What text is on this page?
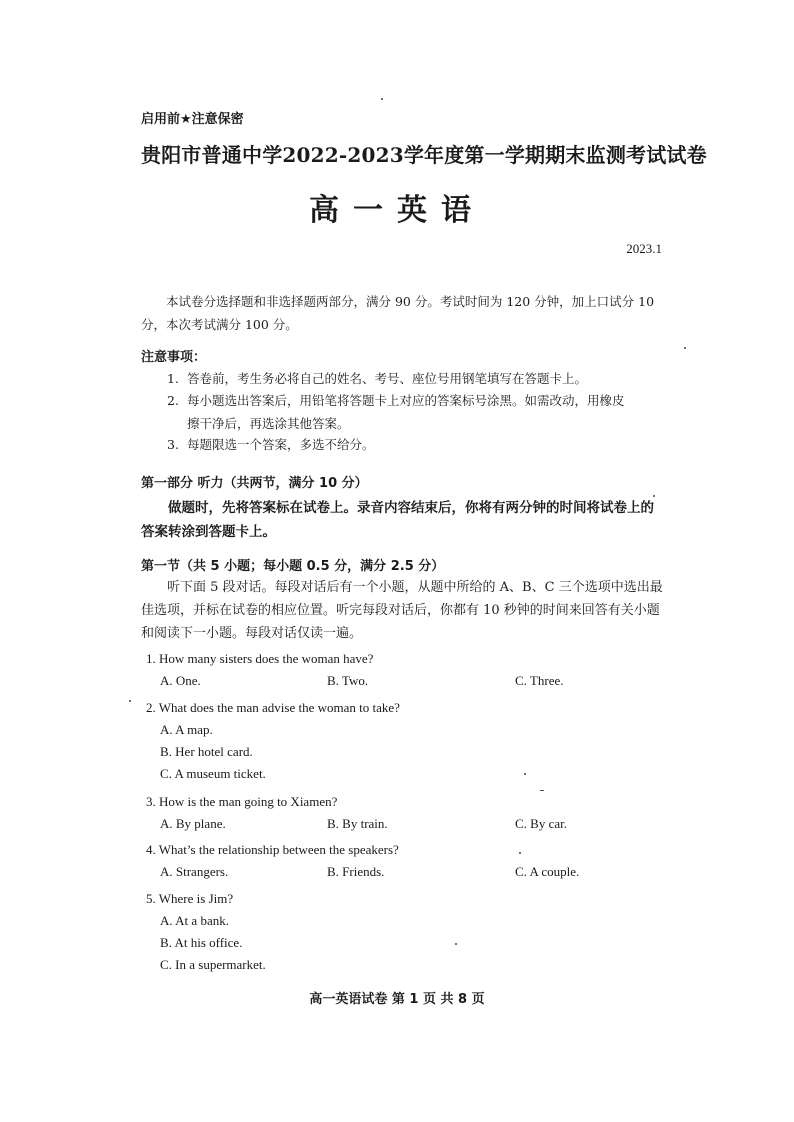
启用前★注意保密
贵阳市普通中学2022-2023学年度第一学期期末监测考试试卷
高一英语
2023.1
本试卷分选择题和非选择题两部分，满分 90 分。考试时间为 120 分钟，加上口试分 10 分，本次考试满分 100 分。
注意事项：
1. 答卷前，考生务必将自己的姓名、考号、座位号用钢笔填写在答题卡上。
2. 每小题选出答案后，用铅笔将答题卡上对应的答案标号涂黑。如需改动，用橡皮
擦干净后，再选涂其他答案。
3. 每题限选一个答案，多选不给分。
第一部分 听力（共两节，满分 10 分）
做题时，先将答案标在试卷上。录音内容结束后，你将有两分钟的时间将试卷上的答案转涂到答题卡上。
第一节（共 5 小题；每小题 0.5 分，满分 2.5 分）
听下面 5 段对话。每段对话后有一个小题，从题中所给的 A、B、C 三个选项中选出最佳选项，并标在试卷的相应位置。听完每段对话后，你都有 10 秒钟的时间来回答有关小题和阅读下一小题。每段对话仅读一遍。
1. How many sisters does the woman have?
A. One.	B. Two.	C. Three.
2. What does the man advise the woman to take?
A. A map.
B. Her hotel card.
C. A museum ticket.
3. How is the man going to Xiamen?
A. By plane.	B. By train.	C. By car.
4. What’s the relationship between the speakers?
A. Strangers.	B. Friends.	C. A couple.
5. Where is Jim?
A. At a bank.
B. At his office.
C. In a supermarket.
高一英语试卷 第 1 页 共 8 页
